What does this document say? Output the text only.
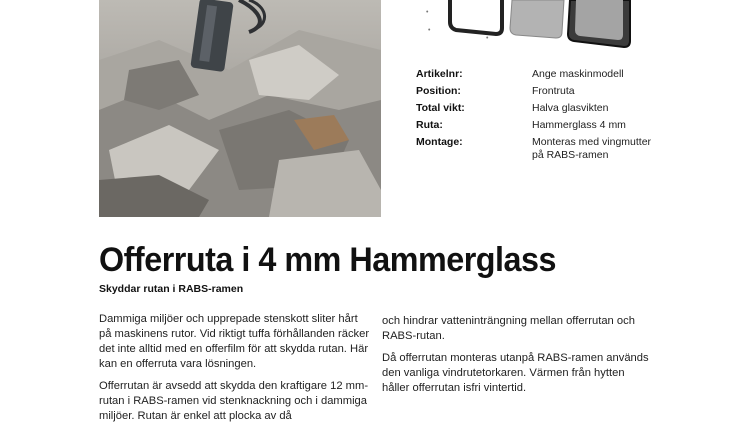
•
•
•
Artikelnr:	Ange maskinmodell
Position:	Frontruta
Total vikt:	Halva glasvikten
Ruta:	Hammerglass 4 mm
Montage:	Monteras med vingmutter
på RABS-ramen
Offerruta i 4 mm Hammerglass

Skyddar rutan i RABS-ramen

Dammiga miljöer och upprepade stenskott sliter hårt på maskinens rutor. Vid riktigt tuffa förhållanden räcker det inte alltid med en offerfilm för att skydda rutan. Här kan en offerruta vara lösningen.

Offerrutan är avsedd att skydda den kraftigare 12 mm-rutan i RABS-ramen vid stenknackning och i dammiga miljöer. Rutan är enkel att plocka av då

och hindrar vatteninträngning mellan offerrutan och RABS-rutan.

Då offerrutan monteras utanpå RABS-ramen används den vanliga vindrutetorkaren. Värmen från hytten håller offerrutan isfri vintertid.
